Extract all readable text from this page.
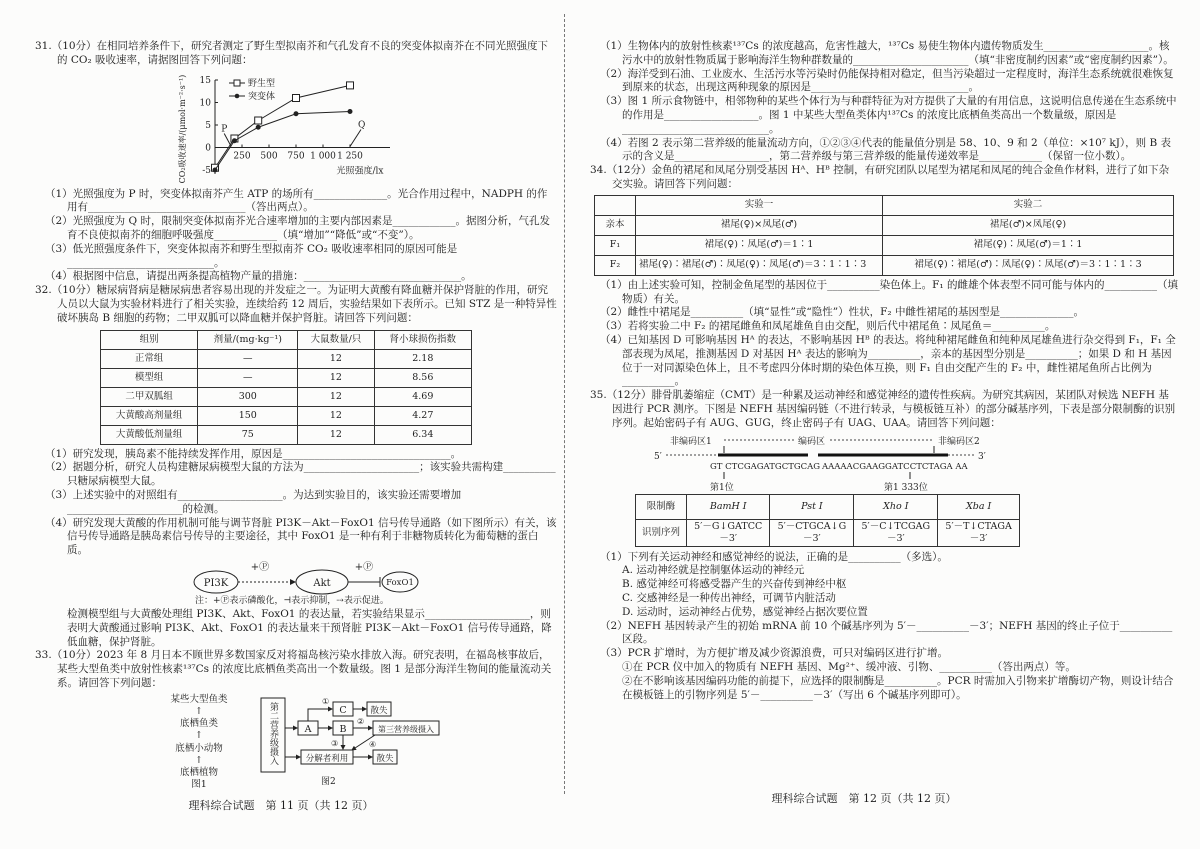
31.（10分）在相同培养条件下，研究者测定了野生型拟南芥和气孔发育不良的突变体拟南芥在不同光照强度下的 CO₂ 吸收速率，请据图回答下列问题：

-5
0
5
10
15
250 500 750 1 000 1 250
光照强度/lx
CO₂吸收速率/(μmol·m⁻²·s⁻¹)	野生型
突变体
P	Q

（1）光照强度为 P 时，突变体拟南芥产生 ATP 的场所有______________。光合作用过程中，NADPH 的作用有______________________________（答出两点）。

（2）光照强度为 Q 时，限制突变体拟南芥光合速率增加的主要内部因素是____________。据图分析，气孔发育不良使拟南芥的细胞呼吸强度____________（填“增加”“降低”或“不变”）。

（3）低光照强度条件下，突变体拟南芥和野生型拟南芥 CO₂ 吸收速率相同的原因可能是____________________________。

（4）根据图中信息，请提出两条提高植物产量的措施：______________________________。

32.（10分）糖尿病肾病是糖尿病患者容易出现的并发症之一。为证明大黄酸有降血糖并保护肾脏的作用，研究人员以大鼠为实验材料进行了相关实验，连续给药 12 周后，实验结果如下表所示。已知 STZ 是一种特异性破坏胰岛 B 细胞的药物；二甲双胍可以降血糖并保护肾脏。请回答下列问题：

组别	剂量/(mg·kg⁻¹)	大鼠数量/只	肾小球损伤指数
正常组	—	12	2.18
模型组	—	12	8.56
二甲双胍组	300	12	4.69
大黄酸高剂量组	150	12	4.27
大黄酸低剂量组	75	12	6.34

（1）研究发现，胰岛素不能持续发挥作用，原因是________________________________。

（2）据题分析，研究人员构建糖尿病模型大鼠的方法为______________________；该实验共需构建__________只糖尿病模型大鼠。

（3）上述实验中的对照组有____________________。为达到实验目的，该实验还需要增加______________________的检测。

（4）研究发现大黄酸的作用机制可能与调节肾脏 PI3K－Akt－FoxO1 信号传导通路（如下图所示）有关，该信号传导通路是胰岛素信号传导的主要途径，其中 FoxO1 是一种有利于非糖物质转化为葡萄糖的蛋白质。

PI3K
+Ⓟ
Akt
+Ⓟ
FoxO1

注：+Ⓟ表示磷酸化，⊣表示抑制，⇢表示促进。

检测模型组与大黄酸处理组 PI3K、Akt、FoxO1 的表达量，若实验结果显示____________________，则表明大黄酸通过影响 PI3K、Akt、FoxO1 的表达量来干预肾脏 PI3K－Akt－FoxO1 信号传导通路，降低血糖，保护肾脏。

33.（10分）2023 年 8 月日本不顾世界多数国家反对将福岛核污染水排放入海。研究表明，在福岛核事故后，某些大型鱼类中放射性核素¹³⁷Cs 的浓度比底栖鱼类高出一个数量级。图 1 是部分海洋生物间的能量流动关系。请回答下列问题：

某些大型鱼类
↑
底栖鱼类
↑
底栖小动物
↑
底栖植物
图1
第二营养级摄入	A
C
B
散失
第三营养级摄入
分解者利用	散失
①
②
③	④
图2

理科综合试题　第 11 页（共 12 页）

（1）生物体内的放射性核素¹³⁷Cs 的浓度越高，危害性越大，¹³⁷Cs 易使生物体内遗传物质发生____________________。核污水中的放射性物质属于影响海洋生物种群数量的______________________（填“非密度制约因素”或“密度制约因素”）。

（2）海洋受到石油、工业废水、生活污水等污染时仍能保持相对稳定，但当污染超过一定程度时，海洋生态系统就很难恢复到原来的状态，出现这两种现象的原因是______________________________。

（3）图 1 所示食物链中，相邻物种的某些个体行为与种群特征为对方提供了大量的有用信息，这说明信息传递在生态系统中的作用是__________________。图 1 中某些大型鱼类体内¹³⁷Cs 的浓度比底栖鱼类高出一个数量级，原因是____________________________。

（4）若图 2 表示第二营养级的能量流动方向，①②③④代表的能量值分别是 58、10、9 和 2（单位：×10⁷ kJ），则 B 表示的含义是__________________，第二营养级与第三营养级的能量传递效率是____________（保留一位小数）。

34.（12分）金鱼的裙尾和凤尾分别受基因 Hᴬ、Hᴮ 控制，有研究团队以尾型为裙尾和凤尾的纯合金鱼作材料，进行了如下杂交实验。请回答下列问题：

	实验一	实验二
亲本	裙尾(♀)×凤尾(♂)	裙尾(♂)×凤尾(♀)
F₁	裙尾(♀)∶凤尾(♂)＝1∶1	裙尾(♀)∶凤尾(♂)＝1∶1
F₂	裙尾(♀)∶裙尾(♂)∶凤尾(♀)∶凤尾(♂)＝3∶1∶1∶3	裙尾(♀)∶裙尾(♂)∶凤尾(♀)∶凤尾(♂)＝3∶1∶1∶3

（1）由上述实验可知，控制金鱼尾型的基因位于__________染色体上。F₁ 的雌雄个体表型不同可能与体内的__________（填物质）有关。

（2）雌性中裙尾是__________（填“显性”或“隐性”）性状，F₂ 中雌性裙尾的基因型是______________。

（3）若将实验二中 F₂ 的裙尾雌鱼和凤尾雄鱼自由交配，则后代中裙尾鱼∶凤尾鱼＝__________。

（4）已知基因 D 可影响基因 Hᴬ 的表达，不影响基因 Hᴮ 的表达。将纯种裙尾雌鱼和纯种凤尾雄鱼进行杂交得到 F₁，F₁ 全部表现为凤尾，推测基因 D 对基因 Hᴬ 表达的影响为__________，亲本的基因型分别是__________；如果 D 和 H 基因位于一对同源染色体上，且不考虑四分体时期的染色体互换，则 F₁ 自由交配产生的 F₂ 中，雌性裙尾鱼所占比例为__________。

35.（12分）腓骨肌萎缩症（CMT）是一种累及运动神经和感觉神经的遗传性疾病。为研究其病因，某团队对候选 NEFH 基因进行 PCR 测序。下图是 NEFH 基因编码链（不进行转录，与模板链互补）的部分碱基序列，下表是部分限制酶的识别序列。起始密码子有 AUG、GUG，终止密码子有 UAG、UAA。请回答下列问题：

非编码区1	编码区	非编码区2
5′	3′
GT CTCGAGATGCTGCAG AAAAACGAAGGATCCTCTAGA AA
第1位	第1 333位
限制酶	BamH Ⅰ	Pst Ⅰ	Xho Ⅰ	Xba Ⅰ
识别序列	5′－G↓GATCC－3′	5′－CTGCA↓G－3′	5′－C↓TCGAG－3′	5′－T↓CTAGA－3′

（1）下列有关运动神经和感觉神经的说法，正确的是__________（多选）。

A. 运动神经就是控制躯体运动的神经元

B. 感觉神经可将感受器产生的兴奋传到神经中枢

C. 交感神经是一种传出神经，可调节内脏活动

D. 运动时，运动神经占优势，感觉神经占据次要位置

（2）NEFH 基因转录产生的初始 mRNA 前 10 个碱基序列为 5′－__________－3′；NEFH 基因的终止子位于__________区段。

（3）PCR 扩增时，为方便扩增及减少资源浪费，可只对编码区进行扩增。

①在 PCR 仪中加入的物质有 NEFH 基因、Mg²⁺、缓冲液、引物、__________（答出两点）等。

②在不影响该基因编码功能的前提下，应选择的限制酶是__________。PCR 时需加入引物来扩增酶切产物，则设计结合在模板链上的引物序列是 5′－__________－3′（写出 6 个碱基序列即可）。

理科综合试题　第 12 页（共 12 页）
